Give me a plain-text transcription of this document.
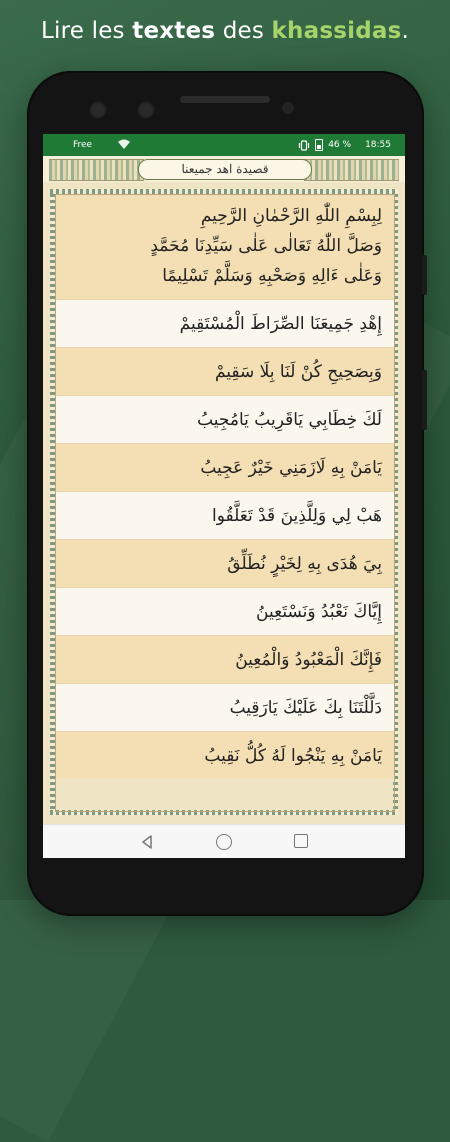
Lire les textes des khassidas.
Free	46 % 18:55
قصيدة اهد جميعنا
لِبِسْمِ اللّٰهِ الرَّحْمٰانِ الرَّحِيمِ
وَصَلَّ اللّٰهُ تَعَالٰى عَلٰى سَيِّدِنَا مُحَمَّدٍ
وَعَلٰى ءَالِهِ وَصَحْبِهِ وَسَلَّمْ تَسْلِيمًا
إِهْدِ جَمِيعَنَا الصِّرَاطَ الْمُسْتَقِيمْ
وَبِصَحِيحِ كُنْ لَنَا بِلَا سَقِيمْ
لَكَ خِطَابِي يَاقَرِيبُ يَامُجِيبُ
يَامَنْ بِهِ لَازَمَنِي خَيْرٌ عَجِيبُ
هَبْ لِي وَلِلَّذِينَ قَدْ تَعَلَّقُوا
بِيَ هُدَى بِهِ لِخَيْرٍ نُطَلِّقُ
إِيَّاكَ نَعْبُدُ وَنَسْتَعِينُ
فَإِنَّكَ الْمَعْبُودُ وَالْمُعِينُ
دَلَّلْتَنَا بِكَ عَلَيْكَ يَارَقِيبُ
يَامَنْ بِهِ يَنْجُوا لَهُ كُلُّ نَقِيبُ
